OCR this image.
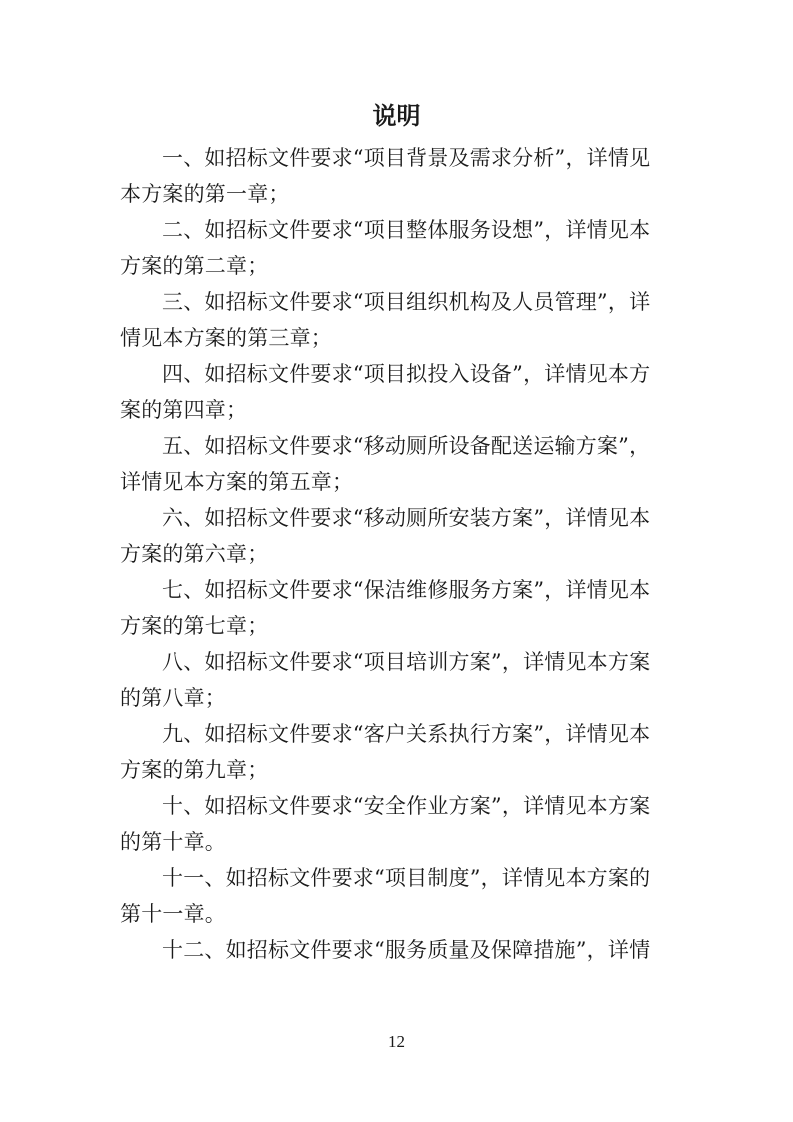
说明
一、如招标文件要求“项目背景及需求分析”，详情见
本方案的第一章；
二、如招标文件要求“项目整体服务设想”，详情见本
方案的第二章；
三、如招标文件要求“项目组织机构及人员管理”，详
情见本方案的第三章；
四、如招标文件要求“项目拟投入设备”，详情见本方
案的第四章；
五、如招标文件要求“移动厕所设备配送运输方案”，
详情见本方案的第五章；
六、如招标文件要求“移动厕所安装方案”，详情见本
方案的第六章；
七、如招标文件要求“保洁维修服务方案”，详情见本
方案的第七章；
八、如招标文件要求“项目培训方案”，详情见本方案
的第八章；
九、如招标文件要求“客户关系执行方案”，详情见本
方案的第九章；
十、如招标文件要求“安全作业方案”，详情见本方案
的第十章。
十一、如招标文件要求“项目制度”，详情见本方案的
第十一章。
十二、如招标文件要求“服务质量及保障措施”，详情
12
